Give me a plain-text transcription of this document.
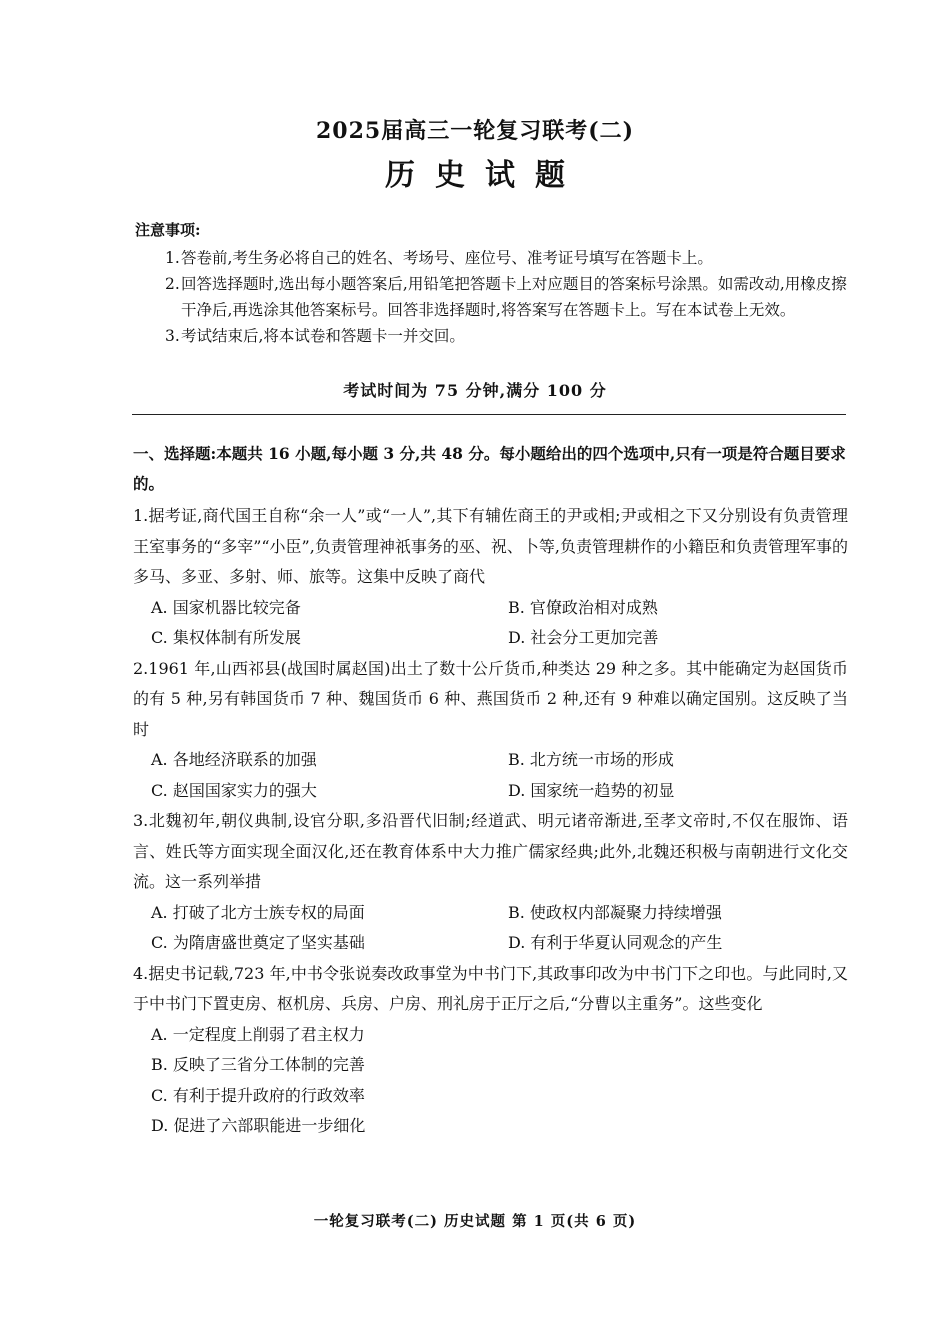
2025届高三一轮复习联考(二)
历史试题
注意事项:
1. 答卷前,考生务必将自己的姓名、考场号、座位号、准考证号填写在答题卡上。
2. 回答选择题时,选出每小题答案后,用铅笔把答题卡上对应题目的答案标号涂黑。如需改动,用橡皮擦干净后,再选涂其他答案标号。回答非选择题时,将答案写在答题卡上。写在本试卷上无效。
3. 考试结束后,将本试卷和答题卡一并交回。
考试时间为 75 分钟,满分 100 分
一、选择题:本题共 16 小题,每小题 3 分,共 48 分。每小题给出的四个选项中,只有一项是符合题目要求的。
1.据考证,商代国王自称“余一人”或“一人”,其下有辅佐商王的尹或相;尹或相之下又分别设有负责管理王室事务的“多宰”“小臣”,负责管理神祇事务的巫、祝、卜等,负责管理耕作的小籍臣和负责管理军事的多马、多亚、多射、师、旅等。这集中反映了商代
A. 国家机器比较完备	B. 官僚政治相对成熟
C. 集权体制有所发展	D. 社会分工更加完善
2.1961 年,山西祁县(战国时属赵国)出土了数十公斤货币,种类达 29 种之多。其中能确定为赵国货币的有 5 种,另有韩国货币 7 种、魏国货币 6 种、燕国货币 2 种,还有 9 种难以确定国别。这反映了当时
A. 各地经济联系的加强	B. 北方统一市场的形成
C. 赵国国家实力的强大	D. 国家统一趋势的初显
3.北魏初年,朝仪典制,设官分职,多沿晋代旧制;经道武、明元诸帝渐进,至孝文帝时,不仅在服饰、语言、姓氏等方面实现全面汉化,还在教育体系中大力推广儒家经典;此外,北魏还积极与南朝进行文化交流。这一系列举措
A. 打破了北方士族专权的局面	B. 使政权内部凝聚力持续增强
C. 为隋唐盛世奠定了坚实基础	D. 有利于华夏认同观念的产生
4.据史书记载,723 年,中书令张说奏改政事堂为中书门下,其政事印改为中书门下之印也。与此同时,又于中书门下置吏房、枢机房、兵房、户房、刑礼房于正厅之后,“分曹以主重务”。这些变化
A. 一定程度上削弱了君主权力
B. 反映了三省分工体制的完善
C. 有利于提升政府的行政效率
D. 促进了六部职能进一步细化
一轮复习联考(二) 历史试题 第 1 页(共 6 页)
